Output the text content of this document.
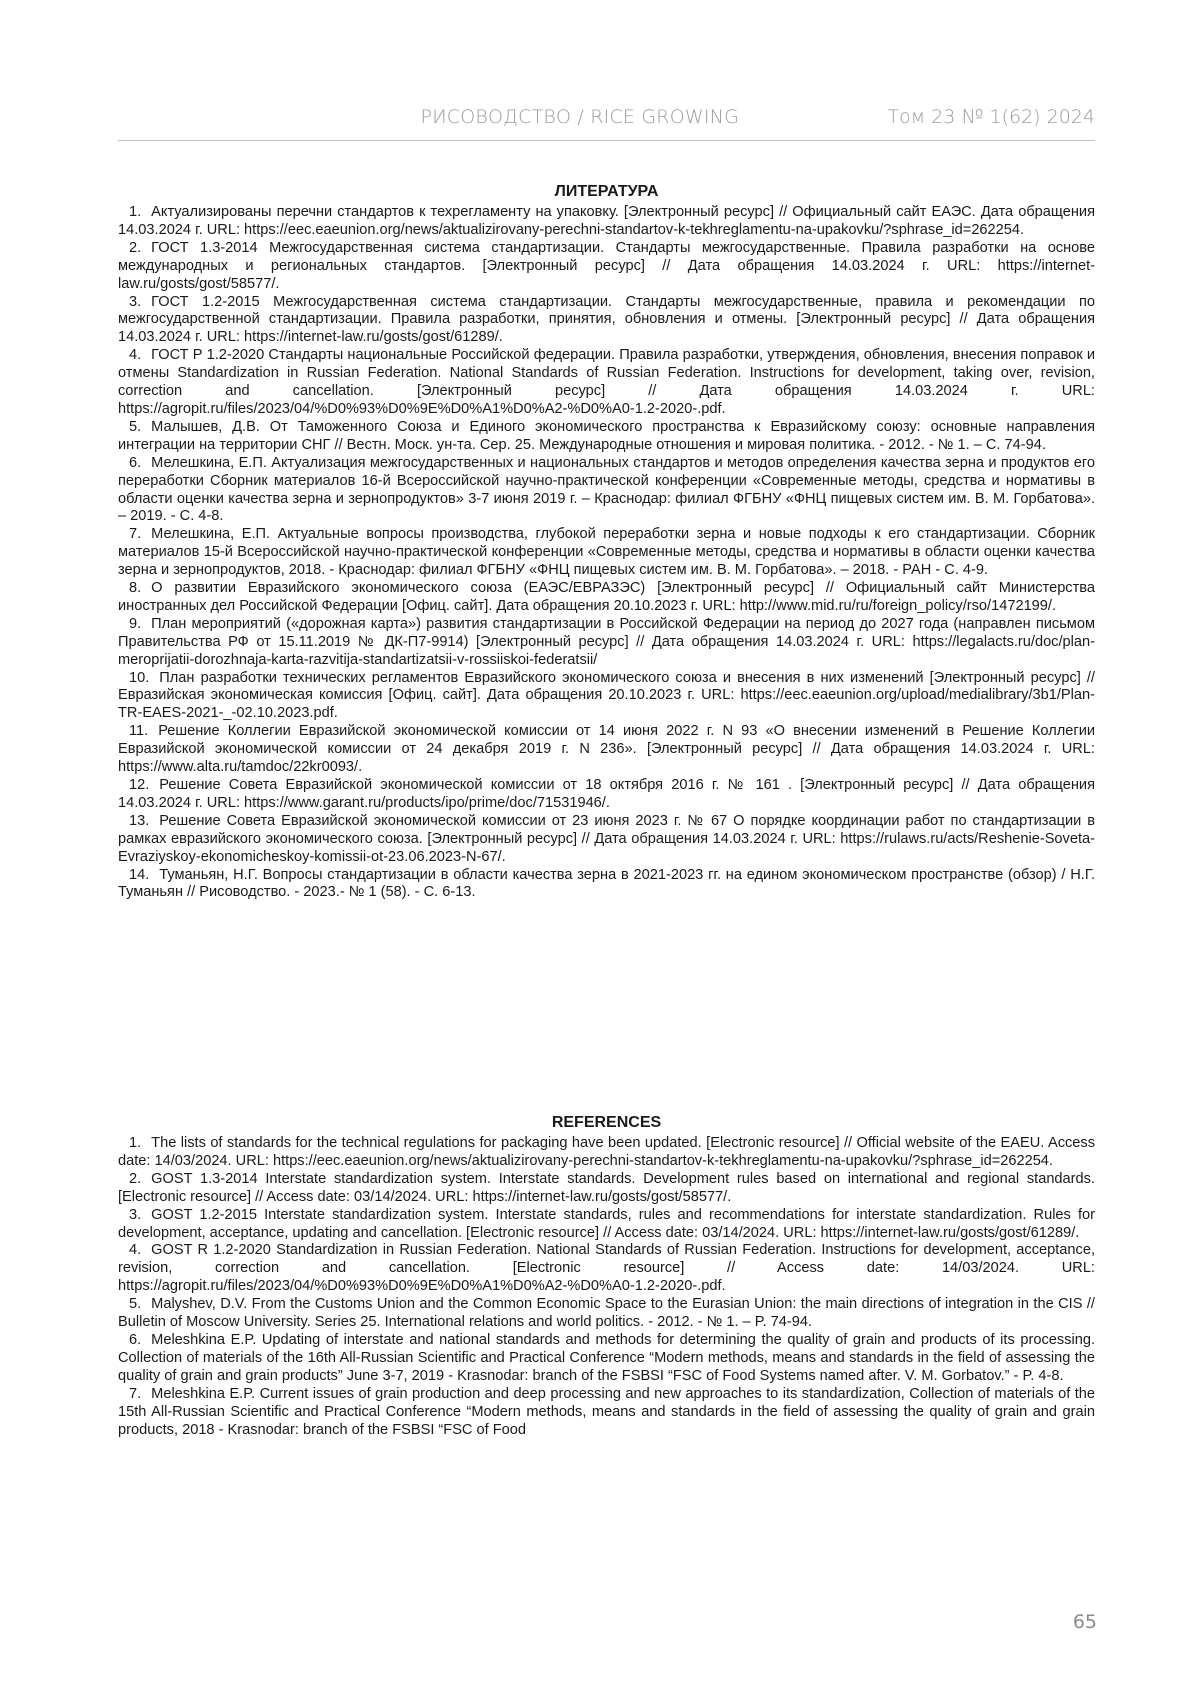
РИСОВОДСТВО / RICE GROWING	Том 23 № 1(62) 2024
ЛИТЕРАТУРА

1. Актуализированы перечни стандартов к техрегламенту на упаковку. [Электронный ресурс] // Официальный сайт ЕАЭС. Дата обращения 14.03.2024 г. URL: https://eec.eaeunion.org/news/aktualizirovany-perechni-standartov-k-tekhreglamentu-na-upakovku/?sphrase_id=262254.

2. ГОСТ 1.3-2014 Межгосударственная система стандартизации. Стандарты межгосударственные. Правила разработки на основе международных и региональных стандартов. [Электронный ресурс] // Дата обращения 14.03.2024 г. URL: https://internet-law.ru/gosts/gost/58577/.

3. ГОСТ 1.2-2015 Межгосударственная система стандартизации. Стандарты межгосударственные, правила и рекомендации по межгосударственной стандартизации. Правила разработки, принятия, обновления и отмены. [Электронный ресурс] // Дата обращения 14.03.2024 г. URL: https://internet-law.ru/gosts/gost/61289/.

4. ГОСТ Р 1.2-2020 Стандарты национальные Российской федерации. Правила разработки, утверждения, обновления, внесения поправок и отмены Standardization in Russian Federation. National Standards of Russian Federation. Instructions for development, taking over, revision, correction and cancellation. [Электронный ресурс] // Дата обращения 14.03.2024 г. URL: https://agropit.ru/files/2023/04/%D0%93%D0%9E%D0%A1%D0%A2-%D0%A0-1.2-2020-.pdf.

5. Малышев, Д.В. От Таможенного Союза и Единого экономического пространства к Евразийскому союзу: основные направления интеграции на территории СНГ // Вестн. Моск. ун-та. Сер. 25. Международные отношения и мировая политика. - 2012. - № 1. – С. 74-94.

6. Мелешкина, Е.П. Актуализация межгосударственных и национальных стандартов и методов определения качества зерна и продуктов его переработки Сборник материалов 16-й Всероссийской научно-практической конференции «Современные методы, средства и нормативы в области оценки качества зерна и зернопродуктов» 3-7 июня 2019 г. – Краснодар: филиал ФГБНУ «ФНЦ пищевых систем им. В. М. Горбатова». – 2019. - С. 4-8.

7. Мелешкина, Е.П. Актуальные вопросы производства, глубокой переработки зерна и новые подходы к его стандартизации. Сборник материалов 15-й Всероссийской научно-практической конференции «Современные методы, средства и нормативы в области оценки качества зерна и зернопродуктов, 2018. - Краснодар: филиал ФГБНУ «ФНЦ пищевых систем им. В. М. Горбатова». – 2018. - РАН - С. 4-9.

8. О развитии Евразийского экономического союза (ЕАЭС/ЕВРАЗЭС) [Электронный ресурс] // Официальный сайт Министерства иностранных дел Российской Федерации [Офиц. сайт]. Дата обращения 20.10.2023 г. URL: http://www.mid.ru/ru/foreign_policy/rso/1472199/.

9. План мероприятий («дорожная карта») развития стандартизации в Российской Федерации на период до 2027 года (направлен письмом Правительства РФ от 15.11.2019 № ДК-П7-9914) [Электронный ресурс] // Дата обращения 14.03.2024 г. URL: https://legalacts.ru/doc/plan-meroprijatii-dorozhnaja-karta-razvitija-standartizatsii-v-rossiiskoi-federatsii/

10. План разработки технических регламентов Евразийского экономического союза и внесения в них изменений [Электронный ресурс] // Евразийская экономическая комиссия [Офиц. сайт]. Дата обращения 20.10.2023 г. URL: https://eec.eaeunion.org/upload/medialibrary/3b1/Plan-TR-EAES-2021-_-02.10.2023.pdf.

11. Решение Коллегии Евразийской экономической комиссии от 14 июня 2022 г. N 93 «О внесении изменений в Решение Коллегии Евразийской экономической комиссии от 24 декабря 2019 г. N 236». [Электронный ресурс] // Дата обращения 14.03.2024 г. URL: https://www.alta.ru/tamdoc/22kr0093/.

12. Решение Совета Евразийской экономической комиссии от 18 октября 2016 г. № 161 . [Электронный ресурс] // Дата обращения 14.03.2024 г. URL: https://www.garant.ru/products/ipo/prime/doc/71531946/.

13. Решение Совета Евразийской экономической комиссии от 23 июня 2023 г. № 67 О порядке координации работ по стандартизации в рамках евразийского экономического союза. [Электронный ресурс] // Дата обращения 14.03.2024 г. URL: https://rulaws.ru/acts/Reshenie-Soveta-Evraziyskoy-ekonomicheskoy-komissii-ot-23.06.2023-N-67/.

14. Туманьян, Н.Г. Вопросы стандартизации в области качества зерна в 2021-2023 гг. на едином экономическом пространстве (обзор) / Н.Г. Туманьян // Рисоводство. - 2023.- № 1 (58). - С. 6-13.

REFERENCES

1. The lists of standards for the technical regulations for packaging have been updated. [Electronic resource] // Official website of the EAEU. Access date: 14/03/2024. URL: https://eec.eaeunion.org/news/aktualizirovany-perechni-standartov-k-tekhreglamentu-na-upakovku/?sphrase_id=262254.

2. GOST 1.3-2014 Interstate standardization system. Interstate standards. Development rules based on international and regional standards. [Electronic resource] // Access date: 03/14/2024. URL: https://internet-law.ru/gosts/gost/58577/.

3. GOST 1.2-2015 Interstate standardization system. Interstate standards, rules and recommendations for interstate standardization. Rules for development, acceptance, updating and cancellation. [Electronic resource] // Access date: 03/14/2024. URL: https://internet-law.ru/gosts/gost/61289/.

4. GOST R 1.2-2020 Standardization in Russian Federation. National Standards of Russian Federation. Instructions for development, acceptance, revision, correction and cancellation. [Electronic resource] // Access date: 14/03/2024. URL: https://agropit.ru/files/2023/04/%D0%93%D0%9E%D0%A1%D0%A2-%D0%A0-1.2-2020-.pdf.

5. Malyshev, D.V. From the Customs Union and the Common Economic Space to the Eurasian Union: the main directions of integration in the CIS // Bulletin of Moscow University. Series 25. International relations and world politics. - 2012. - № 1. – P. 74-94.

6. Meleshkina E.P. Updating of interstate and national standards and methods for determining the quality of grain and products of its processing. Collection of materials of the 16th All-Russian Scientific and Practical Conference “Modern methods, means and standards in the field of assessing the quality of grain and grain products” June 3-7, 2019 - Krasnodar: branch of the FSBSI “FSC of Food Systems named after. V. M. Gorbatov.” - P. 4-8.

7. Meleshkina E.P. Current issues of grain production and deep processing and new approaches to its standardization, Collection of materials of the 15th All-Russian Scientific and Practical Conference “Modern methods, means and standards in the field of assessing the quality of grain and grain products, 2018 - Krasnodar: branch of the FSBSI “FSC of Food

65
